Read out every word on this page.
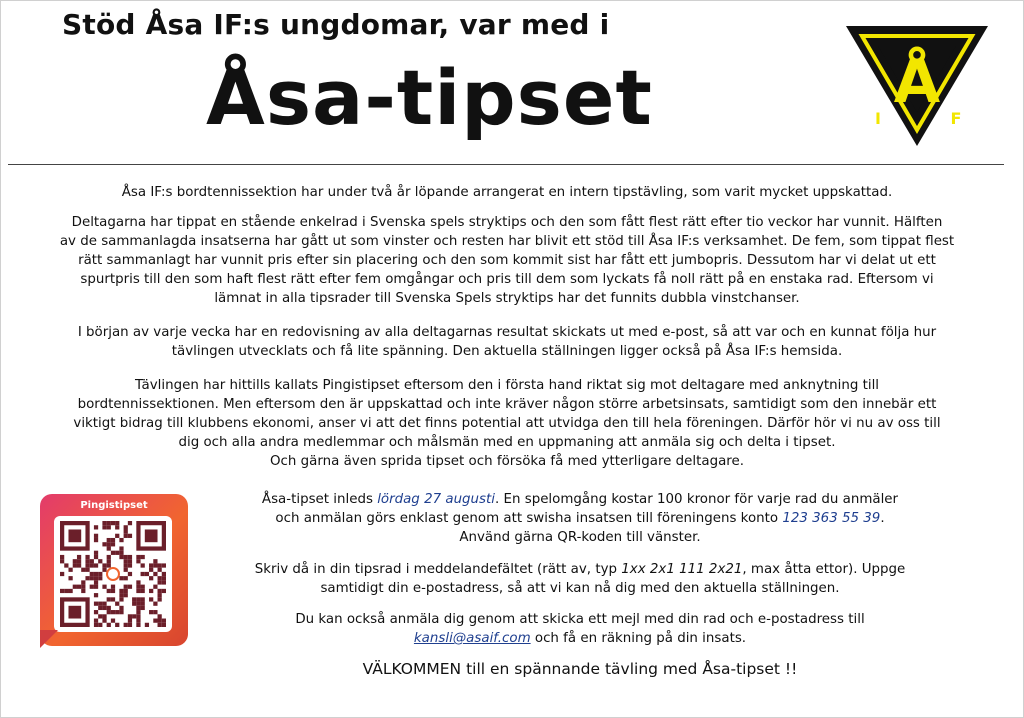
Stöd Åsa IF:s ungdomar, var med i
Åsa-tipset	Å
I	F
Åsa IF:s bordtennissektion har under två år löpande arrangerat en intern tipstävling, som varit mycket uppskattad.
Deltagarna har tippat en stående enkelrad i Svenska spels stryktips och den som fått flest rätt efter tio veckor har vunnit. Hälften
av de sammanlagda insatserna har gått ut som vinster och resten har blivit ett stöd till Åsa IF:s verksamhet. De fem, som tippat flest
rätt sammanlagt har vunnit pris efter sin placering och den som kommit sist har fått ett jumbopris. Dessutom har vi delat ut ett
spurtpris till den som haft flest rätt efter fem omgångar och pris till dem som lyckats få noll rätt på en enstaka rad. Eftersom vi
lämnat in alla tipsrader till Svenska Spels stryktips har det funnits dubbla vinstchanser.
I början av varje vecka har en redovisning av alla deltagarnas resultat skickats ut med e-post, så att var och en kunnat följa hur
tävlingen utvecklats och få lite spänning. Den aktuella ställningen ligger också på Åsa IF:s hemsida.
Tävlingen har hittills kallats Pingistipset eftersom den i första hand riktat sig mot deltagare med anknytning till
bordtennissektionen. Men eftersom den är uppskattad och inte kräver någon större arbetsinsats, samtidigt som den innebär ett
viktigt bidrag till klubbens ekonomi, anser vi att det finns potential att utvidga den till hela föreningen. Därför hör vi nu av oss till
dig och alla andra medlemmar och målsmän med en uppmaning att anmäla sig och delta i tipset.
Och gärna även sprida tipset och försöka få med ytterligare deltagare.
Pingistipset	Åsa-tipset inleds lördag 27 augusti. En spelomgång kostar 100 kronor för varje rad du anmäler
och anmälan görs enklast genom att swisha insatsen till föreningens konto 123 363 55 39.
Använd gärna QR-koden till vänster.
Skriv då in din tipsrad i meddelandefältet (rätt av, typ 1xx 2x1 111 2x21, max åtta ettor). Uppge
samtidigt din e-postadress, så att vi kan nå dig med den aktuella ställningen.
Du kan också anmäla dig genom att skicka ett mejl med din rad och e-postadress till
kansli@asaif.com och få en räkning på din insats.
VÄLKOMMEN till en spännande tävling med Åsa-tipset !!
